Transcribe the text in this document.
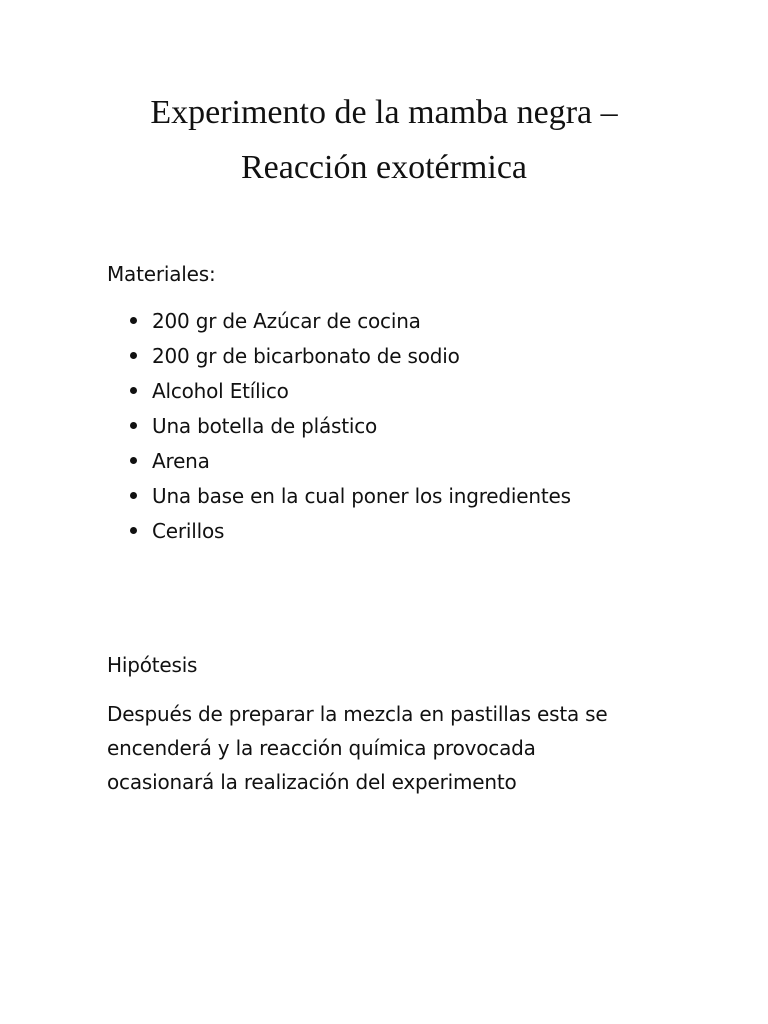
Experimento de la mamba negra –
Reacción exotérmica
Materiales:
200 gr de Azúcar de cocina
200 gr de bicarbonato de sodio
Alcohol Etílico
Una botella de plástico
Arena
Una base en la cual poner los ingredientes
Cerillos
Hipótesis

Después de preparar la mezcla en pastillas esta se
encenderá y la reacción química provocada
ocasionará la realización del experimento
